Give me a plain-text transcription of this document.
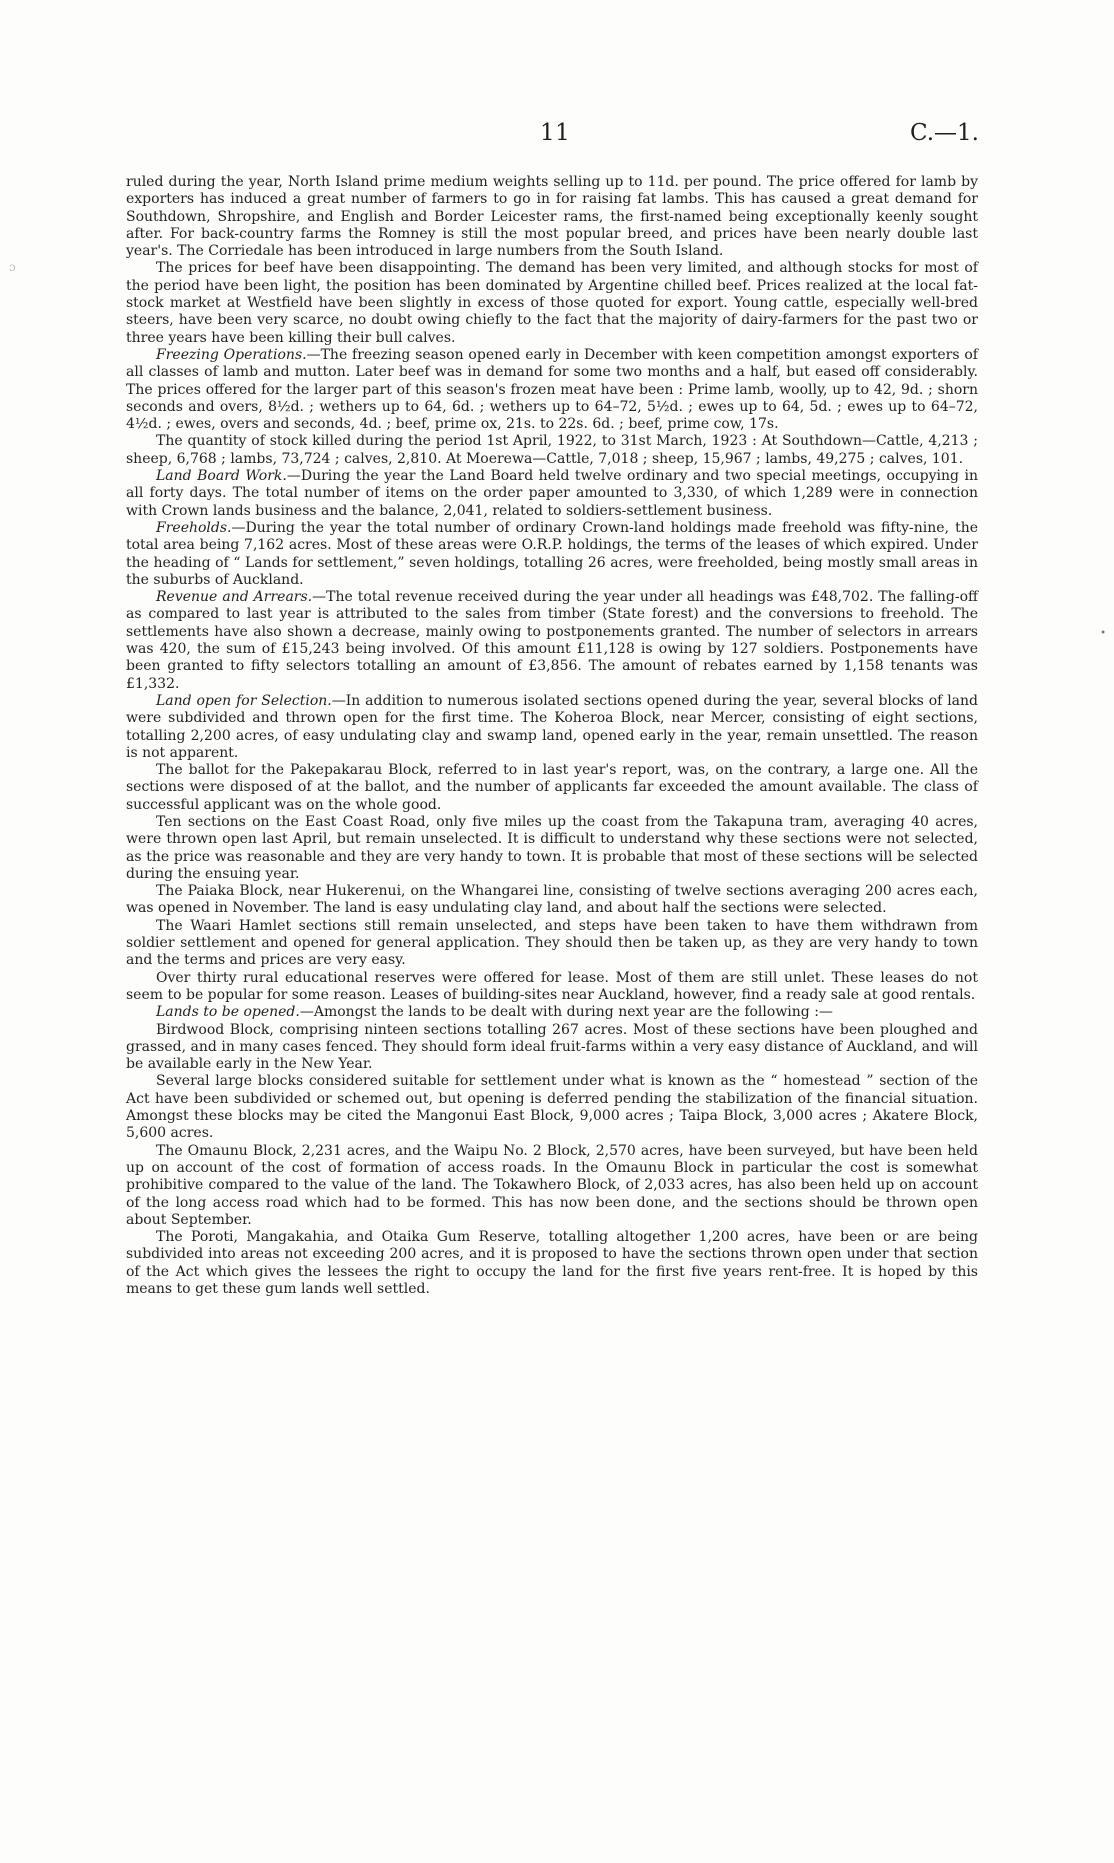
11	C.—1.
ɔ
•

ruled during the year, North Island prime medium weights selling up to 11d. per pound. The price offered for lamb by exporters has induced a great number of farmers to go in for raising fat lambs. This has caused a great demand for Southdown, Shropshire, and English and Border Leicester rams, the first-named being exceptionally keenly sought after. For back-country farms the Romney is still the most popular breed, and prices have been nearly double last year's. The Corriedale has been introduced in large numbers from the South Island.

The prices for beef have been disappointing. The demand has been very limited, and although stocks for most of the period have been light, the position has been dominated by Argentine chilled beef. Prices realized at the local fat-stock market at Westfield have been slightly in excess of those quoted for export. Young cattle, especially well-bred steers, have been very scarce, no doubt owing chiefly to the fact that the majority of dairy-farmers for the past two or three years have been killing their bull calves.

Freezing Operations.—The freezing season opened early in December with keen competition amongst exporters of all classes of lamb and mutton. Later beef was in demand for some two months and a half, but eased off considerably. The prices offered for the larger part of this season's frozen meat have been : Prime lamb, woolly, up to 42, 9d. ; shorn seconds and overs, 8½d. ; wethers up to 64, 6d. ; wethers up to 64–72, 5½d. ; ewes up to 64, 5d. ; ewes up to 64–72, 4½d. ; ewes, overs and seconds, 4d. ; beef, prime ox, 21s. to 22s. 6d. ; beef, prime cow, 17s.

The quantity of stock killed during the period 1st April, 1922, to 31st March, 1923 : At Southdown—Cattle, 4,213 ; sheep, 6,768 ; lambs, 73,724 ; calves, 2,810. At Moerewa—Cattle, 7,018 ; sheep, 15,967 ; lambs, 49,275 ; calves, 101.

Land Board Work.—During the year the Land Board held twelve ordinary and two special meetings, occupying in all forty days. The total number of items on the order paper amounted to 3,330, of which 1,289 were in connection with Crown lands business and the balance, 2,041, related to soldiers-settlement business.

Freeholds.—During the year the total number of ordinary Crown-land holdings made freehold was fifty-nine, the total area being 7,162 acres. Most of these areas were O.R.P. holdings, the terms of the leases of which expired. Under the heading of “ Lands for settlement,” seven holdings, totalling 26 acres, were freeholded, being mostly small areas in the suburbs of Auckland.

Revenue and Arrears.—The total revenue received during the year under all headings was £48,702. The falling-off as compared to last year is attributed to the sales from timber (State forest) and the conversions to freehold. The settlements have also shown a decrease, mainly owing to postponements granted. The number of selectors in arrears was 420, the sum of £15,243 being involved. Of this amount £11,128 is owing by 127 soldiers. Postponements have been granted to fifty selectors totalling an amount of £3,856. The amount of rebates earned by 1,158 tenants was £1,332.

Land open for Selection.—In addition to numerous isolated sections opened during the year, several blocks of land were subdivided and thrown open for the first time. The Koheroa Block, near Mercer, consisting of eight sections, totalling 2,200 acres, of easy undulating clay and swamp land, opened early in the year, remain unsettled. The reason is not apparent.

The ballot for the Pakepakarau Block, referred to in last year's report, was, on the contrary, a large one. All the sections were disposed of at the ballot, and the number of applicants far exceeded the amount available. The class of successful applicant was on the whole good.

Ten sections on the East Coast Road, only five miles up the coast from the Takapuna tram, averaging 40 acres, were thrown open last April, but remain unselected. It is difficult to understand why these sections were not selected, as the price was reasonable and they are very handy to town. It is probable that most of these sections will be selected during the ensuing year.

The Paiaka Block, near Hukerenui, on the Whangarei line, consisting of twelve sections averaging 200 acres each, was opened in November. The land is easy undulating clay land, and about half the sections were selected.

The Waari Hamlet sections still remain unselected, and steps have been taken to have them withdrawn from soldier settlement and opened for general application. They should then be taken up, as they are very handy to town and the terms and prices are very easy.

Over thirty rural educational reserves were offered for lease. Most of them are still unlet. These leases do not seem to be popular for some reason. Leases of building-sites near Auckland, however, find a ready sale at good rentals.

Lands to be opened.—Amongst the lands to be dealt with during next year are the following :—

Birdwood Block, comprising ninteen sections totalling 267 acres. Most of these sections have been ploughed and grassed, and in many cases fenced. They should form ideal fruit-farms within a very easy distance of Auckland, and will be available early in the New Year.

Several large blocks considered suitable for settlement under what is known as the “ homestead ” section of the Act have been subdivided or schemed out, but opening is deferred pending the stabilization of the financial situation. Amongst these blocks may be cited the Mangonui East Block, 9,000 acres ; Taipa Block, 3,000 acres ; Akatere Block, 5,600 acres.

The Omaunu Block, 2,231 acres, and the Waipu No. 2 Block, 2,570 acres, have been surveyed, but have been held up on account of the cost of formation of access roads. In the Omaunu Block in particular the cost is somewhat prohibitive compared to the value of the land. The Tokawhero Block, of 2,033 acres, has also been held up on account of the long access road which had to be formed. This has now been done, and the sections should be thrown open about September.

The Poroti, Mangakahia, and Otaika Gum Reserve, totalling altogether 1,200 acres, have been or are being subdivided into areas not exceeding 200 acres, and it is proposed to have the sections thrown open under that section of the Act which gives the lessees the right to occupy the land for the first five years rent-free. It is hoped by this means to get these gum lands well settled.
